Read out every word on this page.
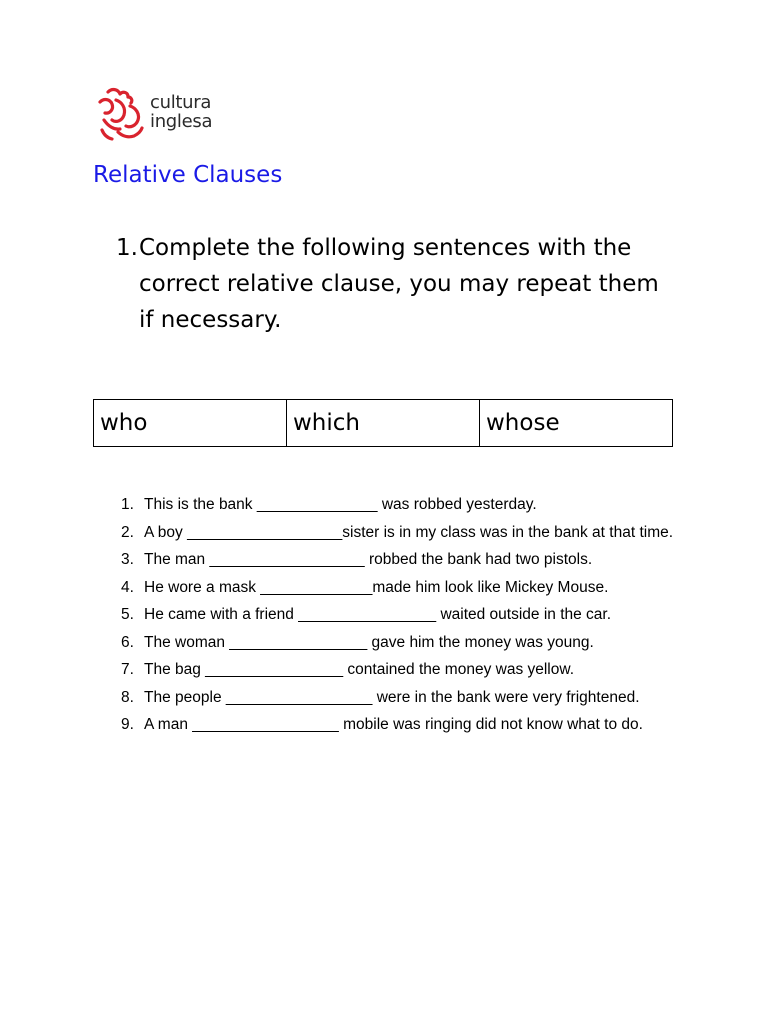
cultura
inglesa
Relative Clauses
1. Complete the following sentences with the correct relative clause, you may repeat them if necessary.
who	which	whose
1. This is the bank ______________ was robbed yesterday.
2. A boy __________________sister is in my class was in the bank at that time.
3. The man __________________ robbed the bank had two pistols.
4. He wore a mask _____________made him look like Mickey Mouse.
5. He came with a friend ________________ waited outside in the car.
6. The woman ________________ gave him the money was young.
7. The bag ________________ contained the money was yellow.
8. The people _________________ were in the bank were very frightened.
9. A man _________________ mobile was ringing did not know what to do.
